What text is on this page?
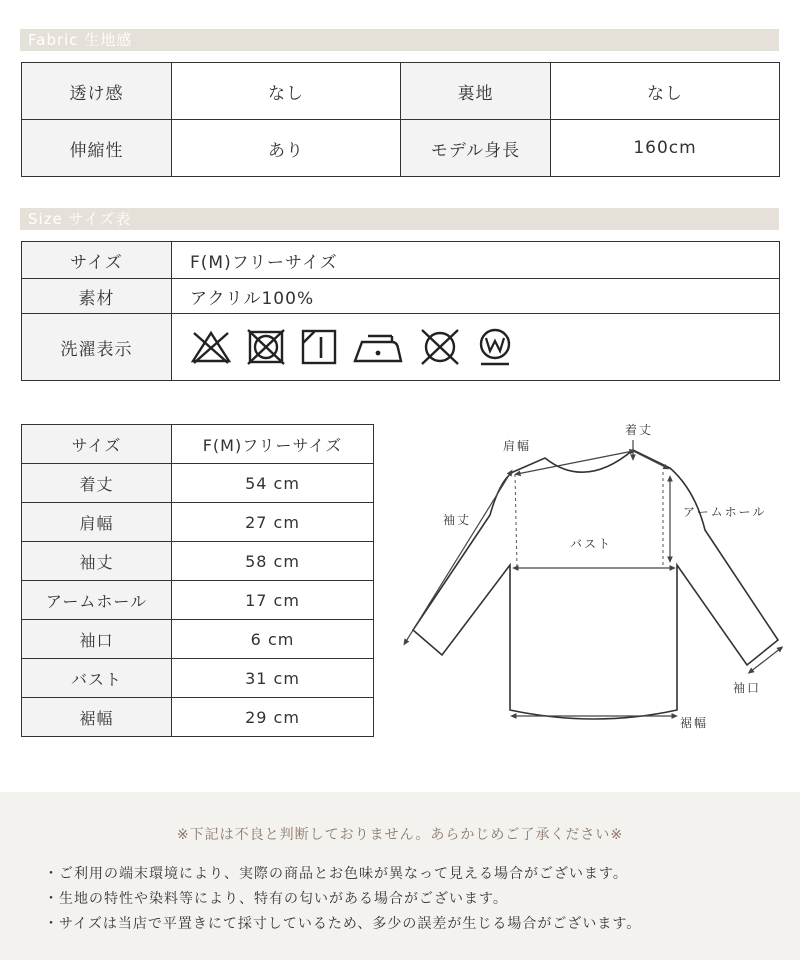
Fabric 生地感
透け感	なし	裏地	なし
伸縮性	あり	モデル身長	160cm
Size サイズ表
サイズ	F(M)フリーサイズ
素材	アクリル100%
洗濯表示	
サイズ	F(M)フリーサイズ
着丈	54 cm
肩幅	27 cm
袖丈	58 cm
アームホール	17 cm
袖口	6 cm
バスト	31 cm
裾幅	29 cm
着丈
肩幅
袖丈
アームホール
バスト
袖口
裾幅
※下記は不良と判断しておりません。あらかじめご了承ください※
・ご利用の端末環境により、実際の商品とお色味が異なって見える場合がございます。
・生地の特性や染料等により、特有の匂いがある場合がございます。
・サイズは当店で平置きにて採寸しているため、多少の誤差が生じる場合がございます。
